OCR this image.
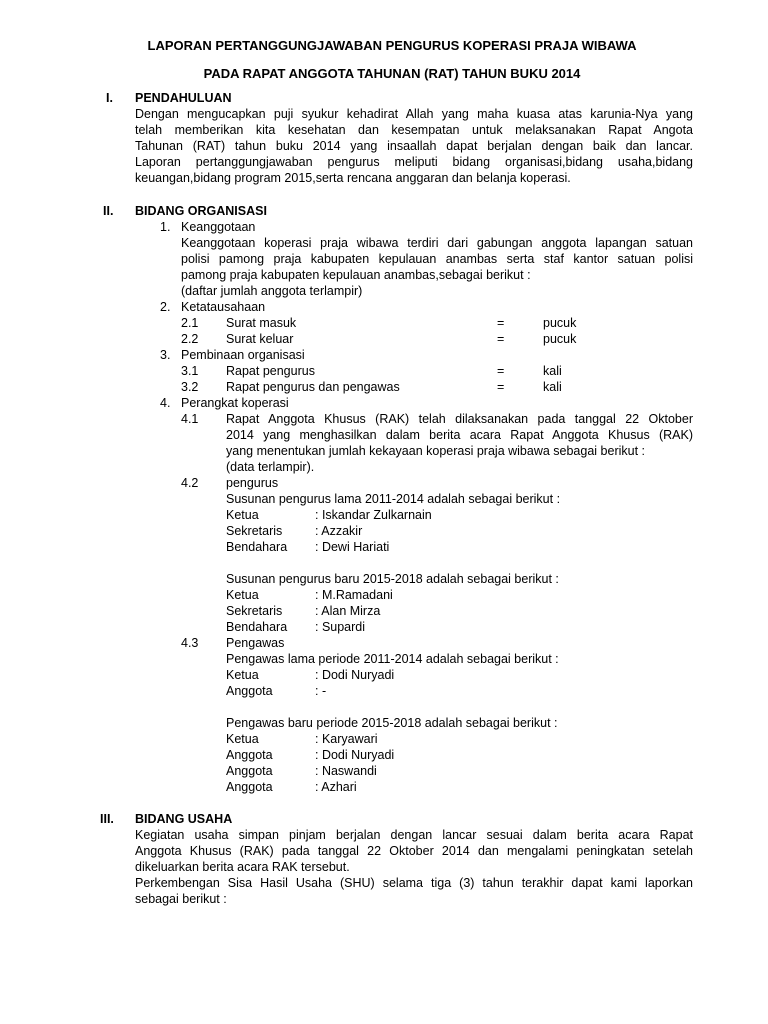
LAPORAN PERTANGGUNGJAWABAN PENGURUS KOPERASI PRAJA WIBAWA
PADA RAPAT ANGGOTA TAHUNAN (RAT) TAHUN BUKU 2014
I. PENDAHULUAN
Dengan mengucapkan puji syukur kehadirat Allah yang maha kuasa atas karunia-Nya yang
telah memberikan kita kesehatan dan kesempatan untuk melaksanakan Rapat Angota
Tahunan (RAT) tahun buku 2014 yang insaallah dapat berjalan dengan baik dan lancar.
Laporan pertanggungjawaban pengurus meliputi bidang organisasi,bidang usaha,bidang
keuangan,bidang program 2015,serta rencana anggaran dan belanja koperasi.
II. BIDANG ORGANISASI
1. Keanggotaan
Keanggotaan koperasi praja wibawa terdiri dari gabungan anggota lapangan satuan
polisi pamong praja kabupaten kepulauan anambas serta staf kantor satuan polisi
pamong praja kabupaten kepulauan anambas,sebagai berikut :
(daftar jumlah anggota terlampir)
2. Ketatausahaan
2.1 Surat masuk	=	pucuk
2.2 Surat keluar	=	pucuk
3. Pembinaan organisasi
3.1 Rapat pengurus	=	kali
3.2 Rapat pengurus dan pengawas	=	kali
4. Perangkat koperasi
4.1 Rapat Anggota Khusus (RAK) telah dilaksanakan pada tanggal 22 Oktober
2014 yang menghasilkan dalam berita acara Rapat Anggota Khusus (RAK)
yang menentukan jumlah kekayaan koperasi praja wibawa sebagai berikut :
(data terlampir).
4.2 pengurus
Susunan pengurus lama 2011-2014 adalah sebagai berikut :
Ketua	: Iskandar Zulkarnain
Sekretaris	: Azzakir
Bendahara : Dewi Hariati
Susunan pengurus baru 2015-2018 adalah sebagai berikut :
Ketua	: M.Ramadani
Sekretaris	: Alan Mirza
Bendahara : Supardi
4.3 Pengawas
Pengawas lama periode 2011-2014 adalah sebagai berikut :
Ketua	: Dodi Nuryadi
Anggota	: -
Pengawas baru periode 2015-2018 adalah sebagai berikut :
Ketua	: Karyawari
Anggota	: Dodi Nuryadi
Anggota	: Naswandi
Anggota	: Azhari
III. BIDANG USAHA
Kegiatan usaha simpan pinjam berjalan dengan lancar sesuai dalam berita acara Rapat
Anggota Khusus (RAK) pada tanggal 22 Oktober 2014 dan mengalami peningkatan setelah
dikeluarkan berita acara RAK tersebut.
Perkembengan Sisa Hasil Usaha (SHU) selama tiga (3) tahun terakhir dapat kami laporkan
sebagai berikut :
